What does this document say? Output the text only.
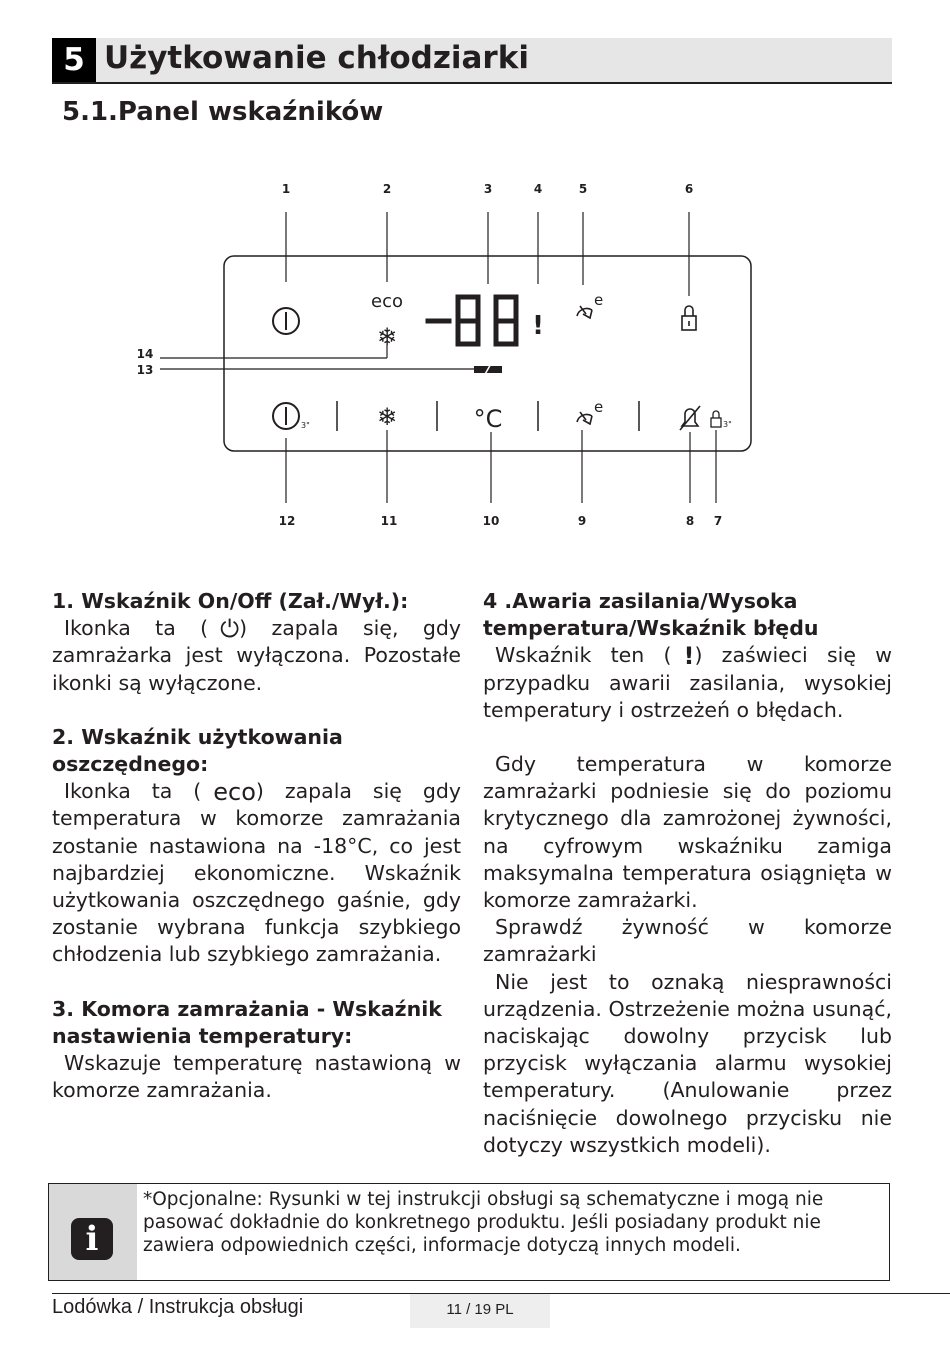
5 Użytkowanie chłodziarki
5.1.Panel wskaźników
1	2	3	4	5	6
14
13
12	11	10	9	8 7
eco
❄	!
e
3"	❄	°C	e
3"
1. Wskaźnik On/Off (Zał./Wył.):

Ikonka ta ( ⏻) zapala się, gdy zamrażarka jest wyłączona. Pozostałe ikonki są wyłączone.

2. Wskaźnik użytkowania oszczędnego:

Ikonka ta ( eco) zapala się gdy temperatura w komorze zamrażania zostanie nastawiona na -18°C, co jest najbardziej ekonomiczne. Wskaźnik użytkowania oszczędnego gaśnie, gdy zostanie wybrana funkcja szybkiego chłodzenia lub szybkiego zamrażania.

3. Komora zamrażania - Wskaźnik nastawienia temperatury:

Wskazuje temperaturę nastawioną w komorze zamrażania.

4 .Awaria zasilania/Wysoka temperatura/Wskaźnik błędu

Wskaźnik ten ( !) zaświeci się w przypadku awarii zasilania, wysokiej temperatury i ostrzeżeń o błędach.

Gdy temperatura w komorze zamrażarki podniesie się do poziomu krytycznego dla zamrożonej żywności, na cyfrowym wskaźniku zamiga maksymalna temperatura osiągnięta w komorze zamrażarki.

Sprawdź żywność w komorze zamrażarki

Nie jest to oznaką niesprawności urządzenia. Ostrzeżenie można usunąć, naciskając dowolny przycisk lub przycisk wyłączania alarmu wysokiej temperatury. (Anulowanie przez naciśnięcie dowolnego przycisku nie dotyczy wszystkich modeli).

i
*Opcjonalne: Rysunki w tej instrukcji obsługi są schematyczne i mogą nie pasować dokładnie do konkretnego produktu. Jeśli posiadany produkt nie zawiera odpowiednich części, informacje dotyczą innych modeli.
Lodówka / Instrukcja obsługi	11 / 19 PL
